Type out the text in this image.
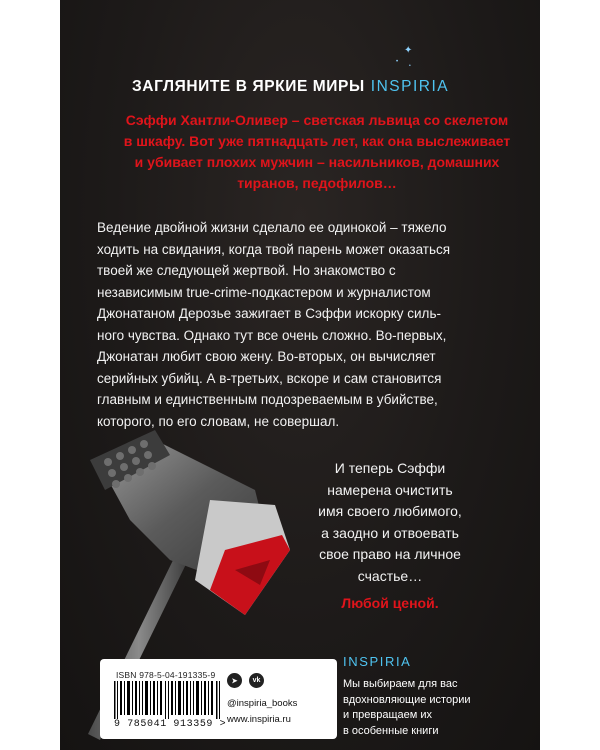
✦
•
•
ЗАГЛЯНИТЕ В ЯРКИЕ МИРЫ INSPIRIA

Сэффи Хантли-Оливер – светская львица со скелетом

в шкафу. Вот уже пятнадцать лет, как она выслеживает

и убивает плохих мужчин – насильников, домашних

тиранов, педофилов…

Ведение двойной жизни сделало ее одинокой – тяжело

ходить на свидания, когда твой парень может оказаться

твоей же следующей жертвой. Но знакомство с

независимым true-crime-подкастером и журналистом

Джонатаном Дерозье зажигает в Сэффи искорку силь-

ного чувства. Однако тут все очень сложно. Во-первых,

Джонатан любит свою жену. Во-вторых, он вычисляет

серийных убийц. А в-третьих, вскоре и сам становится

главным и единственным подозреваемым в убийстве,

которого, по его словам, не совершал.

И теперь Сэффи

намерена очистить

имя своего любимого,

а заодно и отвоевать

свое право на личное

счастье…

Любой ценой.

ISBN 978-5-04-191335-9
9 785041 913359 >
➤	vk
@inspiria_books
www.inspiria.ru
INSPIRIA

Мы выбираем для вас

вдохновляющие истории

и превращаем их

в особенные книги
